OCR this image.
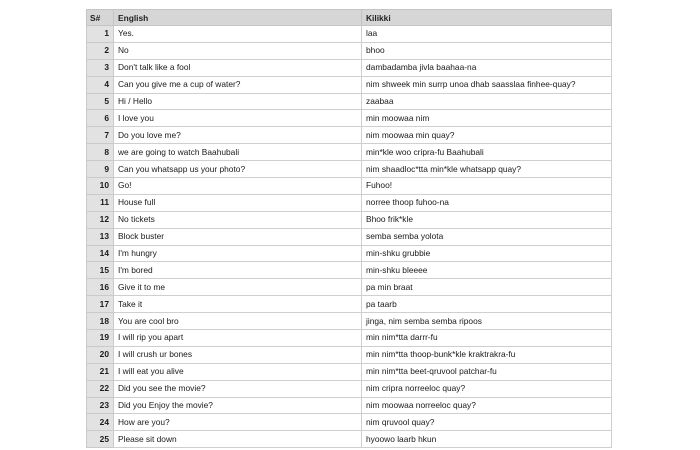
S#	English	Kilikki
1	Yes.	laa
2	No	bhoo
3	Don't talk like a fool	dambadamba jivla baahaa-na
4	Can you give me a cup of water?	nim shweek min surrp unoa dhab saasslaa finhee-quay?
5	Hi / Hello	zaabaa
6	I love you	min moowaa nim
7	Do you love me?	nim moowaa min quay?
8	we are going to watch Baahubali	min*kle woo cripra-fu Baahubali
9	Can you whatsapp us your photo?	nim shaadloc*tta min*kle whatsapp quay?
10	Go!	Fuhoo!
11	House full	norree thoop fuhoo-na
12	No tickets	Bhoo frik*kle
13	Block buster	semba semba yolota
14	I'm hungry	min-shku grubbie
15	I'm bored	min-shku bleeee
16	Give it to me	pa min braat
17	Take it	pa taarb
18	You are cool bro	jinga, nim semba semba ripoos
19	I will rip you apart	min nim*tta darrr-fu
20	I will crush ur bones	min nim*tta thoop-bunk*kle kraktrakra-fu
21	I will eat you alive	min nim*tta beet-qruvool patchar-fu
22	Did you see the movie?	nim cripra norreeloc quay?
23	Did you Enjoy the movie?	nim moowaa norreeloc quay?
24	How are you?	nim qruvool quay?
25	Please sit down	hyoowo laarb hkun
